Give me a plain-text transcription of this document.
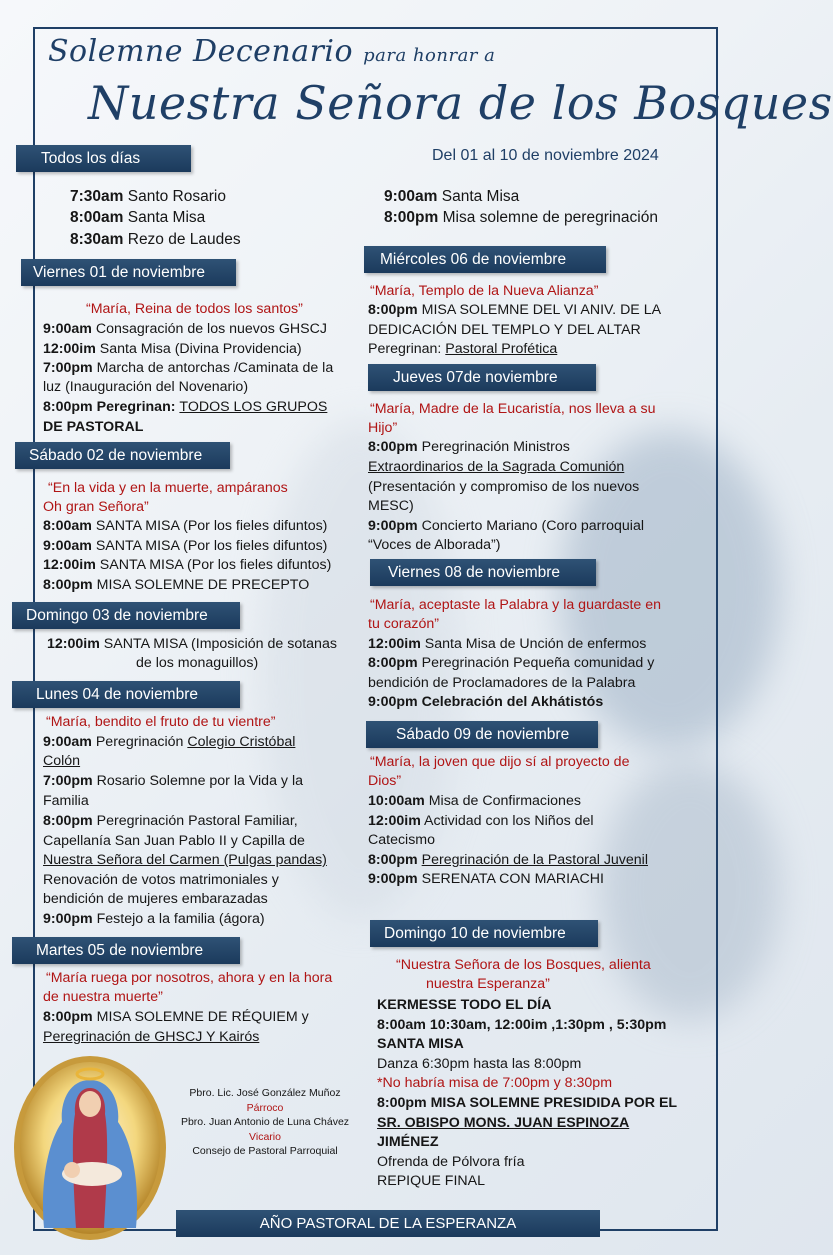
Solemne Decenario para honrar a
Nuestra Señora de los Bosques
Del 01 al 10 de noviembre 2024
Todos los días
7:30am Santo Rosario
8:00am Santa Misa
8:30am Rezo de Laudes
9:00am Santa Misa
8:00pm Misa solemne de peregrinación
Viernes 01 de noviembre
“María, Reina de todos los santos”
9:00am Consagración de los nuevos GHSCJ
12:00im Santa Misa (Divina Providencia)
7:00pm Marcha de antorchas /Caminata de la
luz (Inauguración del Novenario)
8:00pm Peregrinan: TODOS LOS GRUPOS
DE PASTORAL
Sábado 02 de noviembre
“En la vida y en la muerte, ampáranos
Oh gran Señora”
8:00am SANTA MISA (Por los fieles difuntos)
9:00am SANTA MISA (Por los fieles difuntos)
12:00im SANTA MISA (Por los fieles difuntos)
8:00pm MISA SOLEMNE DE PRECEPTO
Domingo 03 de noviembre
12:00im SANTA MISA (Imposición de sotanas
de los monaguillos)
Lunes 04 de noviembre
“María, bendito el fruto de tu vientre”
9:00am Peregrinación Colegio Cristóbal
Colón
7:00pm Rosario Solemne por la Vida y la
Familia
8:00pm Peregrinación Pastoral Familiar,
Capellanía San Juan Pablo II y Capilla de
Nuestra Señora del Carmen (Pulgas pandas)
Renovación de votos matrimoniales y
bendición de mujeres embarazadas
9:00pm Festejo a la familia (ágora)
Martes 05 de noviembre
“María ruega por nosotros, ahora y en la hora
de nuestra muerte”
8:00pm MISA SOLEMNE DE RÉQUIEM y
Peregrinación de GHSCJ Y Kairós
Miércoles 06 de noviembre
“María, Templo de la Nueva Alianza”
8:00pm MISA SOLEMNE DEL VI ANIV. DE LA
DEDICACIÓN DEL TEMPLO Y DEL ALTAR
Peregrinan: Pastoral Profética
Jueves 07de noviembre
“María, Madre de la Eucaristía, nos lleva a su
Hijo”
8:00pm Peregrinación Ministros
Extraordinarios de la Sagrada Comunión
(Presentación y compromiso de los nuevos
MESC)
9:00pm Concierto Mariano (Coro parroquial
“Voces de Alborada”)
Viernes 08 de noviembre
“María, aceptaste la Palabra y la guardaste en
tu corazón”
12:00im Santa Misa de Unción de enfermos
8:00pm Peregrinación Pequeña comunidad y
bendición de Proclamadores de la Palabra
9:00pm Celebración del Akhátistós
Sábado 09 de noviembre
“María, la joven que dijo sí al proyecto de
Dios”
10:00am Misa de Confirmaciones
12:00im Actividad con los Niños del
Catecismo
8:00pm Peregrinación de la Pastoral Juvenil
9:00pm SERENATA CON MARIACHI
Domingo 10 de noviembre
“Nuestra Señora de los Bosques, alienta
nuestra Esperanza”
KERMESSE TODO EL DÍA
8:00am 10:30am, 12:00im ,1:30pm , 5:30pm
SANTA MISA
Danza 6:30pm hasta las 8:00pm
*No habría misa de 7:00pm y 8:30pm
8:00pm MISA SOLEMNE PRESIDIDA POR EL
SR. OBISPO MONS. JUAN ESPINOZA
JIMÉNEZ
Ofrenda de Pólvora fría
REPIQUE FINAL
Pbro. Lic. José González Muñoz
Párroco
Pbro. Juan Antonio de Luna Chávez
Vicario
Consejo de Pastoral Parroquial
AÑO PASTORAL DE LA ESPERANZA
